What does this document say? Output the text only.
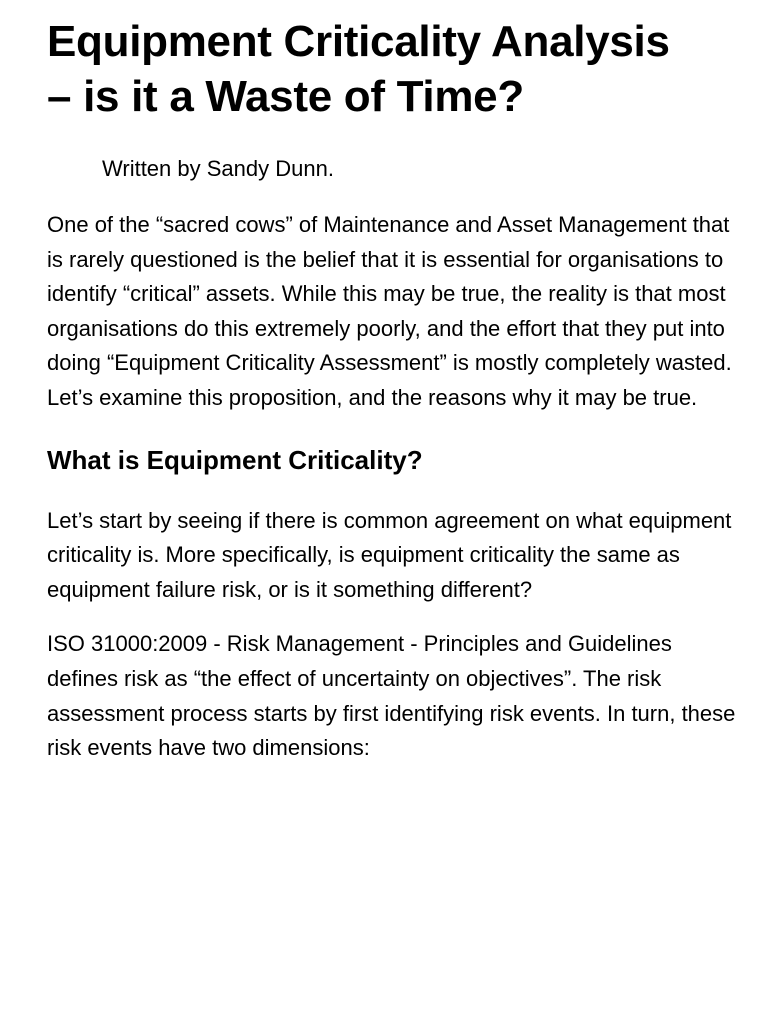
Equipment Criticality Analysis – is it a Waste of Time?

Written by Sandy Dunn.

One of the “sacred cows” of Maintenance and Asset Management that is rarely questioned is the belief that it is essential for organisations to identify “critical” assets. While this may be true, the reality is that most organisations do this extremely poorly, and the effort that they put into doing “Equipment Criticality Assessment” is mostly completely wasted. Let’s examine this proposition, and the reasons why it may be true.

What is Equipment Criticality?

Let’s start by seeing if there is common agreement on what equipment criticality is. More specifically, is equipment criticality the same as equipment failure risk, or is it something different?

ISO 31000:2009 - Risk Management - Principles and Guidelines defines risk as “the effect of uncertainty on objectives”. The risk assessment process starts by first identifying risk events. In turn, these risk events have two dimensions:
